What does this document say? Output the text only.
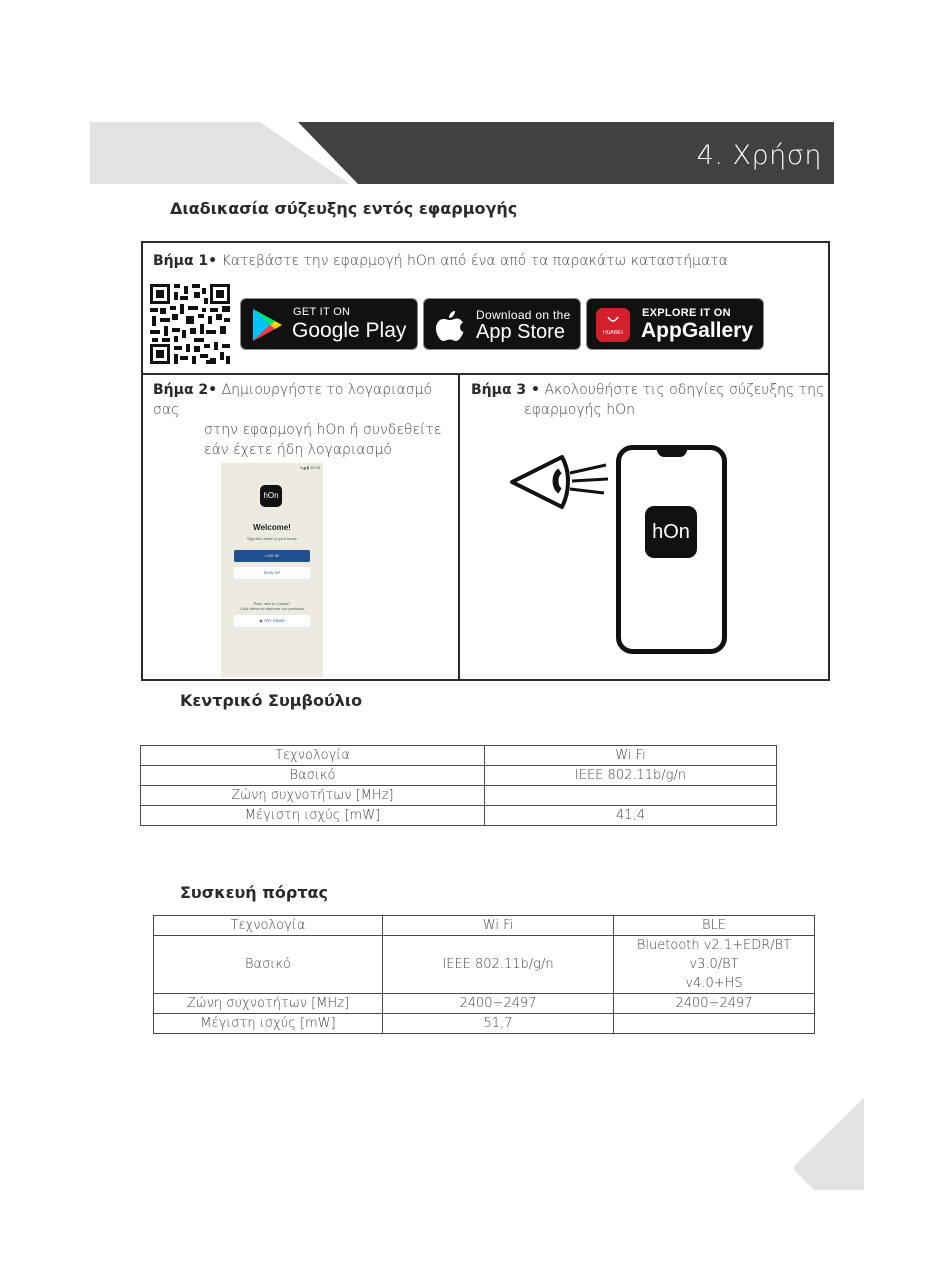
4. Χρήση
Διαδικασία σύζευξης εντός εφαρμογής
Βήμα 1• Κατεβάστε την εφαρμογή hOn από ένα από τα παρακάτω καταστήματα
GET IT ON
Google Play
Download on the
App Store	HUAWEI
EXPLORE IT ON
AppGallery
Βήμα 2• Δημιουργήστε το λογαριασμό σας
στην εφαρμογή hOn ή συνδεθείτε
εάν έχετε ήδη λογαριασμό
▾◢ ▮ 10:36
hOn
Welcome!
Sign into enter in your home
LOG IN
SIGN UP
Psst, new to Candy?
Click demo to discover our products
◉ TRY DEMO
Βήμα 3 • Ακολουθήστε τις οδηγίες σύζευξης της
εφαρμογής hOn
hOn
Κεντρικό Συμβούλιο
Τεχνολογία	Wi Fi
Βασικό	IEEE 802.11b/g/n
Ζώνη συχνοτήτων [MHz]	
Μέγιστη ισχύς [mW]	41,4
Συσκευή πόρτας
Τεχνολογία	Wi Fi	BLE
Βασικό	IEEE 802.11b/g/n	Bluetooth v2.1+EDR/BT
v3.0/BT
v4.0+HS

Ζώνη συχνοτήτων [MHz]	2400÷2497	2400÷2497
Μέγιστη ισχύς [mW]	51,7	
